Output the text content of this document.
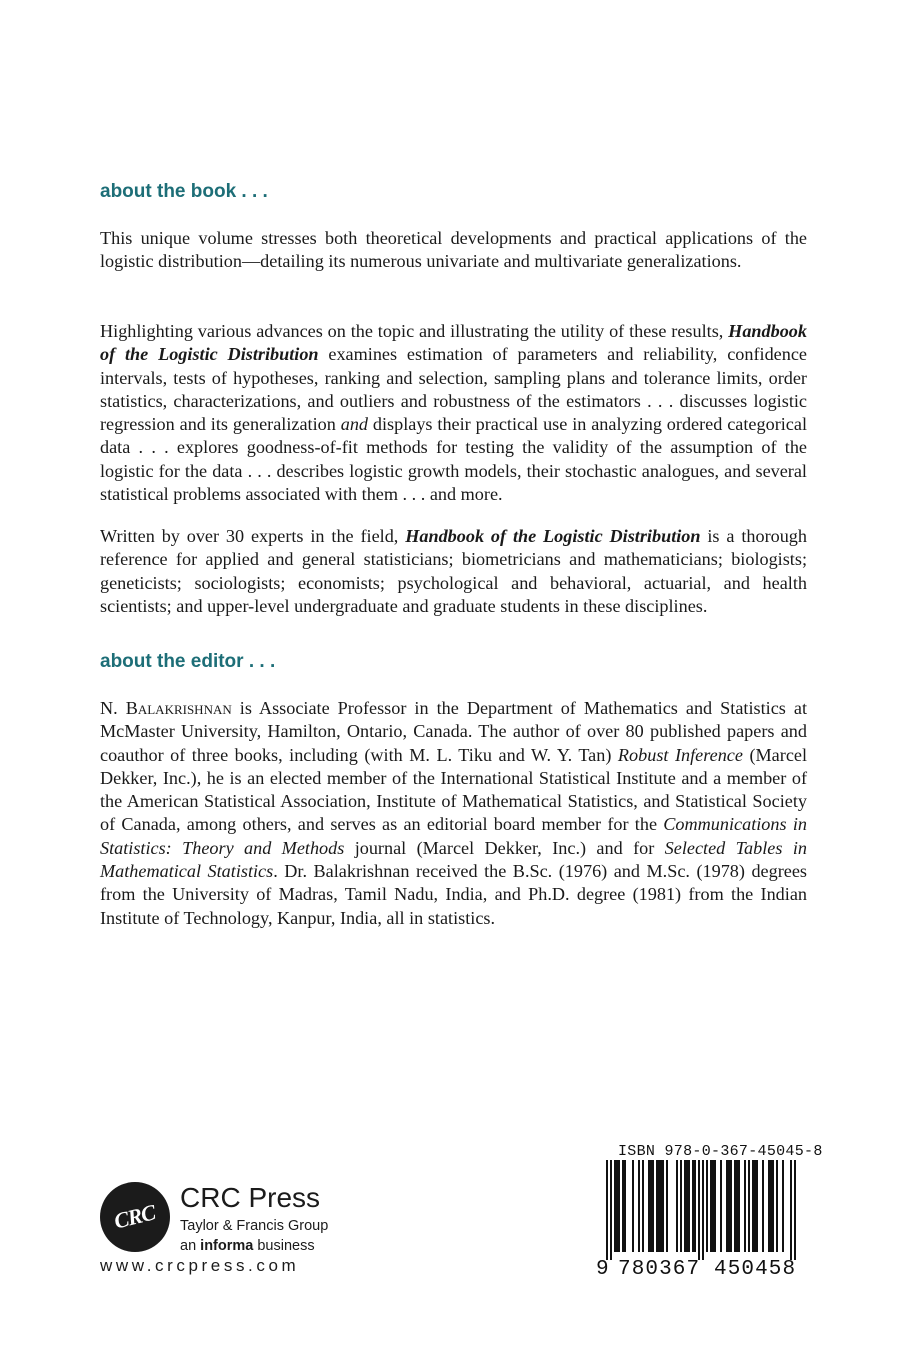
about the book . . .

This unique volume stresses both theoretical developments and practical applications of the logistic distribution—detailing its numerous univariate and multivariate generalizations.

Highlighting various advances on the topic and illustrating the utility of these results, Handbook of the Logistic Distribution examines estimation of parameters and reliability, confidence intervals, tests of hypotheses, ranking and selection, sampling plans and tolerance limits, order statistics, characterizations, and outliers and robustness of the estimators . . . discusses logistic regression and its generalization and displays their practical use in analyzing ordered categorical data . . . explores goodness-of-fit methods for testing the validity of the assumption of the logistic for the data . . . describes logistic growth models, their stochastic analogues, and several statistical problems associated with them . . . and more.

Written by over 30 experts in the field, Handbook of the Logistic Distribution is a thorough reference for applied and general statisticians; biometricians and mathematicians; biologists; geneticists; sociologists; economists; psychological and behavioral, actuarial, and health scientists; and upper-level undergraduate and graduate students in these disciplines.

about the editor . . .

N. Balakrishnan is Associate Professor in the Department of Mathematics and Statistics at McMaster University, Hamilton, Ontario, Canada. The author of over 80 published papers and coauthor of three books, including (with M. L. Tiku and W. Y. Tan) Robust Inference (Marcel Dekker, Inc.), he is an elected member of the International Statistical Institute and a member of the American Statistical Association, Institute of Mathematical Statistics, and Statistical Society of Canada, among others, and serves as an editorial board member for the Communications in Statistics: Theory and Methods journal (Marcel Dekker, Inc.) and for Selected Tables in Mathematical Statistics. Dr. Balakrishnan received the B.Sc. (1976) and M.Sc. (1978) degrees from the University of Madras, Tamil Nadu, India, and Ph.D. degree (1981) from the Indian Institute of Technology, Kanpur, India, all in statistics.

CRC

CRC Press

Taylor & Francis Group

an informa business

www.crcpress.com

ISBN 978-0-367-45045-8

9 780367 450458
